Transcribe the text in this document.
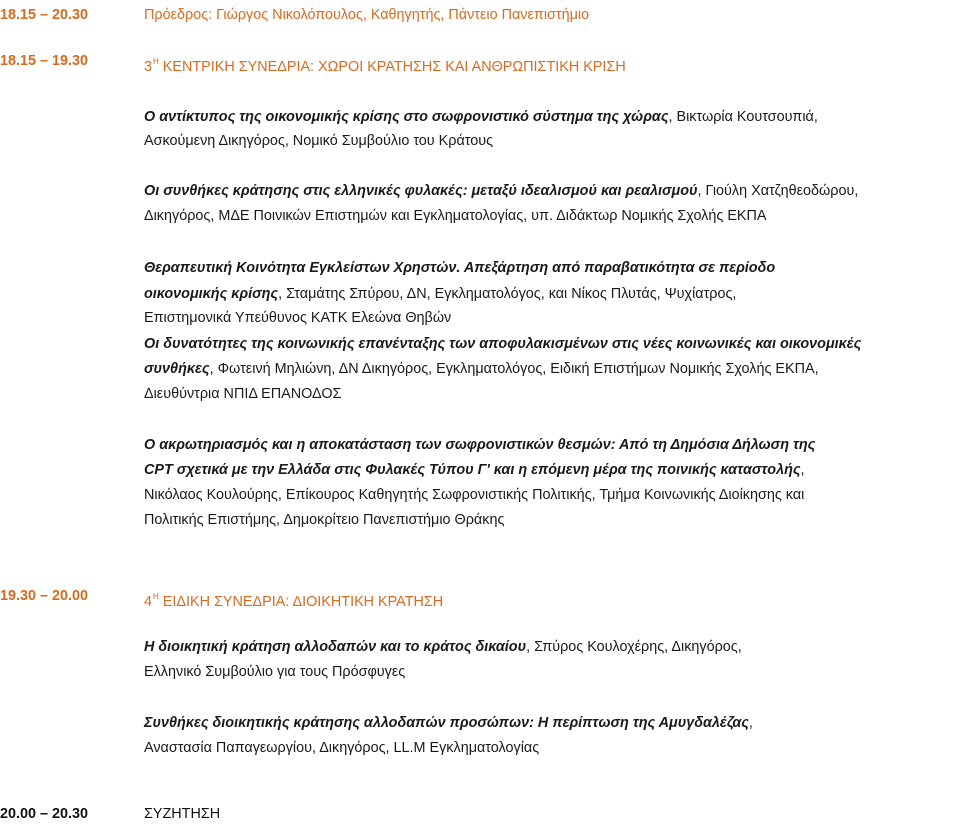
18.15 – 20.30	Πρόεδρος: Γιώργος Νικολόπουλος, Καθηγητής, Πάντειο Πανεπιστήμιο
18.15 – 19.30	$3^H$ ΚΕΝΤΡΙΚΗ ΣΥΝΕΔΡΙΑ: ΧΩΡΟΙ ΚΡΑΤΗΣΗΣ ΚΑΙ ΑΝΘΡΩΠΙΣΤΙΚΗ ΚΡΙΣΗ
Ο αντίκτυπος της οικονομικής κρίσης στο σωφρονιστικό σύστημα της χώρας, Βικτωρία Κουτσουπιά,
Ασκούμενη Δικηγόρος, Νομικό Συμβούλιο του Κράτους
Οι συνθήκες κράτησης στις ελληνικές φυλακές: μεταξύ ιδεαλισμού και ρεαλισμού, Γιούλη Χατζηθεοδώρου,
Δικηγόρος, ΜΔΕ Ποινικών Επιστημών και Εγκληματολογίας, υπ. Διδάκτωρ Νομικής Σχολής ΕΚΠΑ
Θεραπευτική Κοινότητα Εγκλείστων Χρηστών. Απεξάρτηση από παραβατικότητα σε περίοδο
οικονομικής κρίσης, Σταμάτης Σπύρου, ΔΝ, Εγκληματολόγος, και Νίκος Πλυτάς, Ψυχίατρος,
Επιστημονικά Υπεύθυνος ΚΑΤΚ Ελεώνα Θηβών
Οι δυνατότητες της κοινωνικής επανένταξης των αποφυλακισμένων στις νέες κοινωνικές και οικονομικές
συνθήκες, Φωτεινή Μηλιώνη, ΔΝ Δικηγόρος, Εγκληματολόγος, Ειδική Επιστήμων Νομικής Σχολής ΕΚΠΑ,
Διευθύντρια ΝΠΙΔ ΕΠΑΝΟΔΟΣ
Ο ακρωτηριασμός και η αποκατάσταση των σωφρονιστικών θεσμών: Από τη Δημόσια Δήλωση της
CPT σχετικά με την Ελλάδα στις Φυλακές Τύπου Γ' και η επόμενη μέρα της ποινικής καταστολής,
Νικόλαος Κουλούρης, Επίκουρος Καθηγητής Σωφρονιστικής Πολιτικής, Τμήμα Κοινωνικής Διοίκησης και
Πολιτικής Επιστήμης, Δημοκρίτειο Πανεπιστήμιο Θράκης
19.30 – 20.00	$4^H$ ΕΙΔΙΚΗ ΣΥΝΕΔΡΙΑ: ΔΙΟΙΚΗΤΙΚΗ ΚΡΑΤΗΣΗ
Η διοικητική κράτηση αλλοδαπών και το κράτος δικαίου, Σπύρος Κουλοχέρης, Δικηγόρος,
Ελληνικό Συμβούλιο για τους Πρόσφυγες
Συνθήκες διοικητικής κράτησης αλλοδαπών προσώπων: Η περίπτωση της Αμυγδαλέζας,
Αναστασία Παπαγεωργίου, Δικηγόρος, LL.M Εγκληματολογίας
20.00 – 20.30	ΣΥΖΗΤΗΣΗ
